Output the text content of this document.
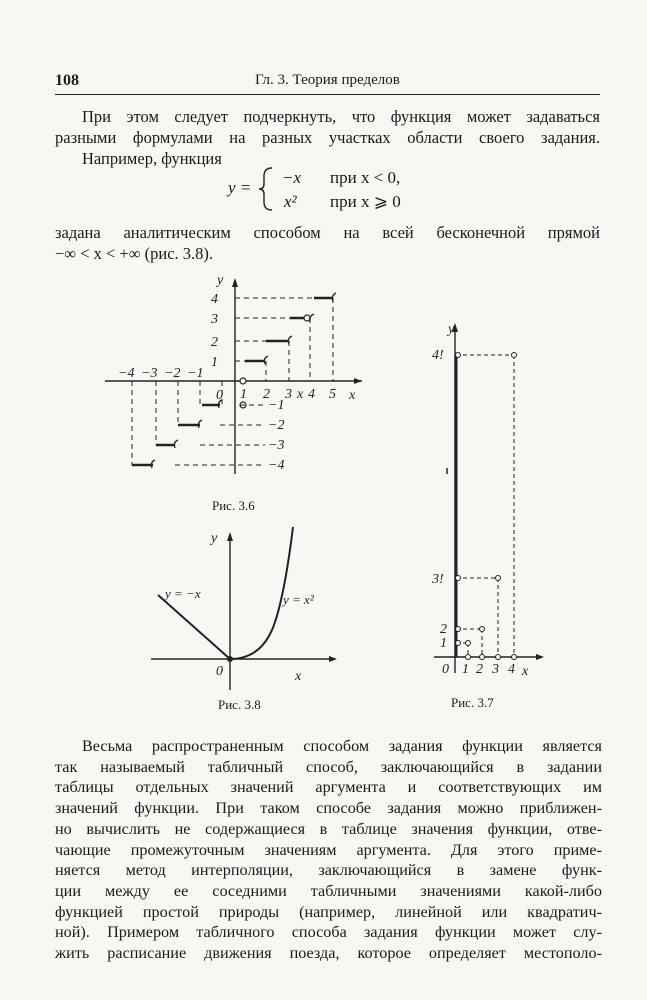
108	Гл. 3. Теория пределов
При этом следует подчеркнуть, что функция может задаваться
разными формулами на разных участках области своего задания.
Например, функция
y =
−x при x < 0,
x² при x ⩾ 0
задана аналитическим способом на всей бесконечной прямой
−∞ < x < +∞ (рис. 3.8).
y
x
0
−4 −3 −2 −1
1 2 3 x 4 5
4
3
2
1
−1
−2
−3
−4
Рис. 3.6
y
x
0
y = −x	y = x²
Рис. 3.8
y
x
0 1 2 3 4
4!
3!
2
1
Рис. 3.7
Весьма распространенным способом задания функции является
так называемый табличный способ, заключающийся в задании
таблицы отдельных значений аргумента и соответствующих им
значений функции. При таком способе задания можно приближен-
но вычислить не содержащиеся в таблице значения функции, отве-
чающие промежуточным значениям аргумента. Для этого приме-
няется метод интерполяции, заключающийся в замене функ-
ции между ее соседними табличными значениями какой-либо
функцией простой природы (например, линейной или квадратич-
ной). Примером табличного способа задания функции может слу-
жить расписание движения поезда, которое определяет местополо-
